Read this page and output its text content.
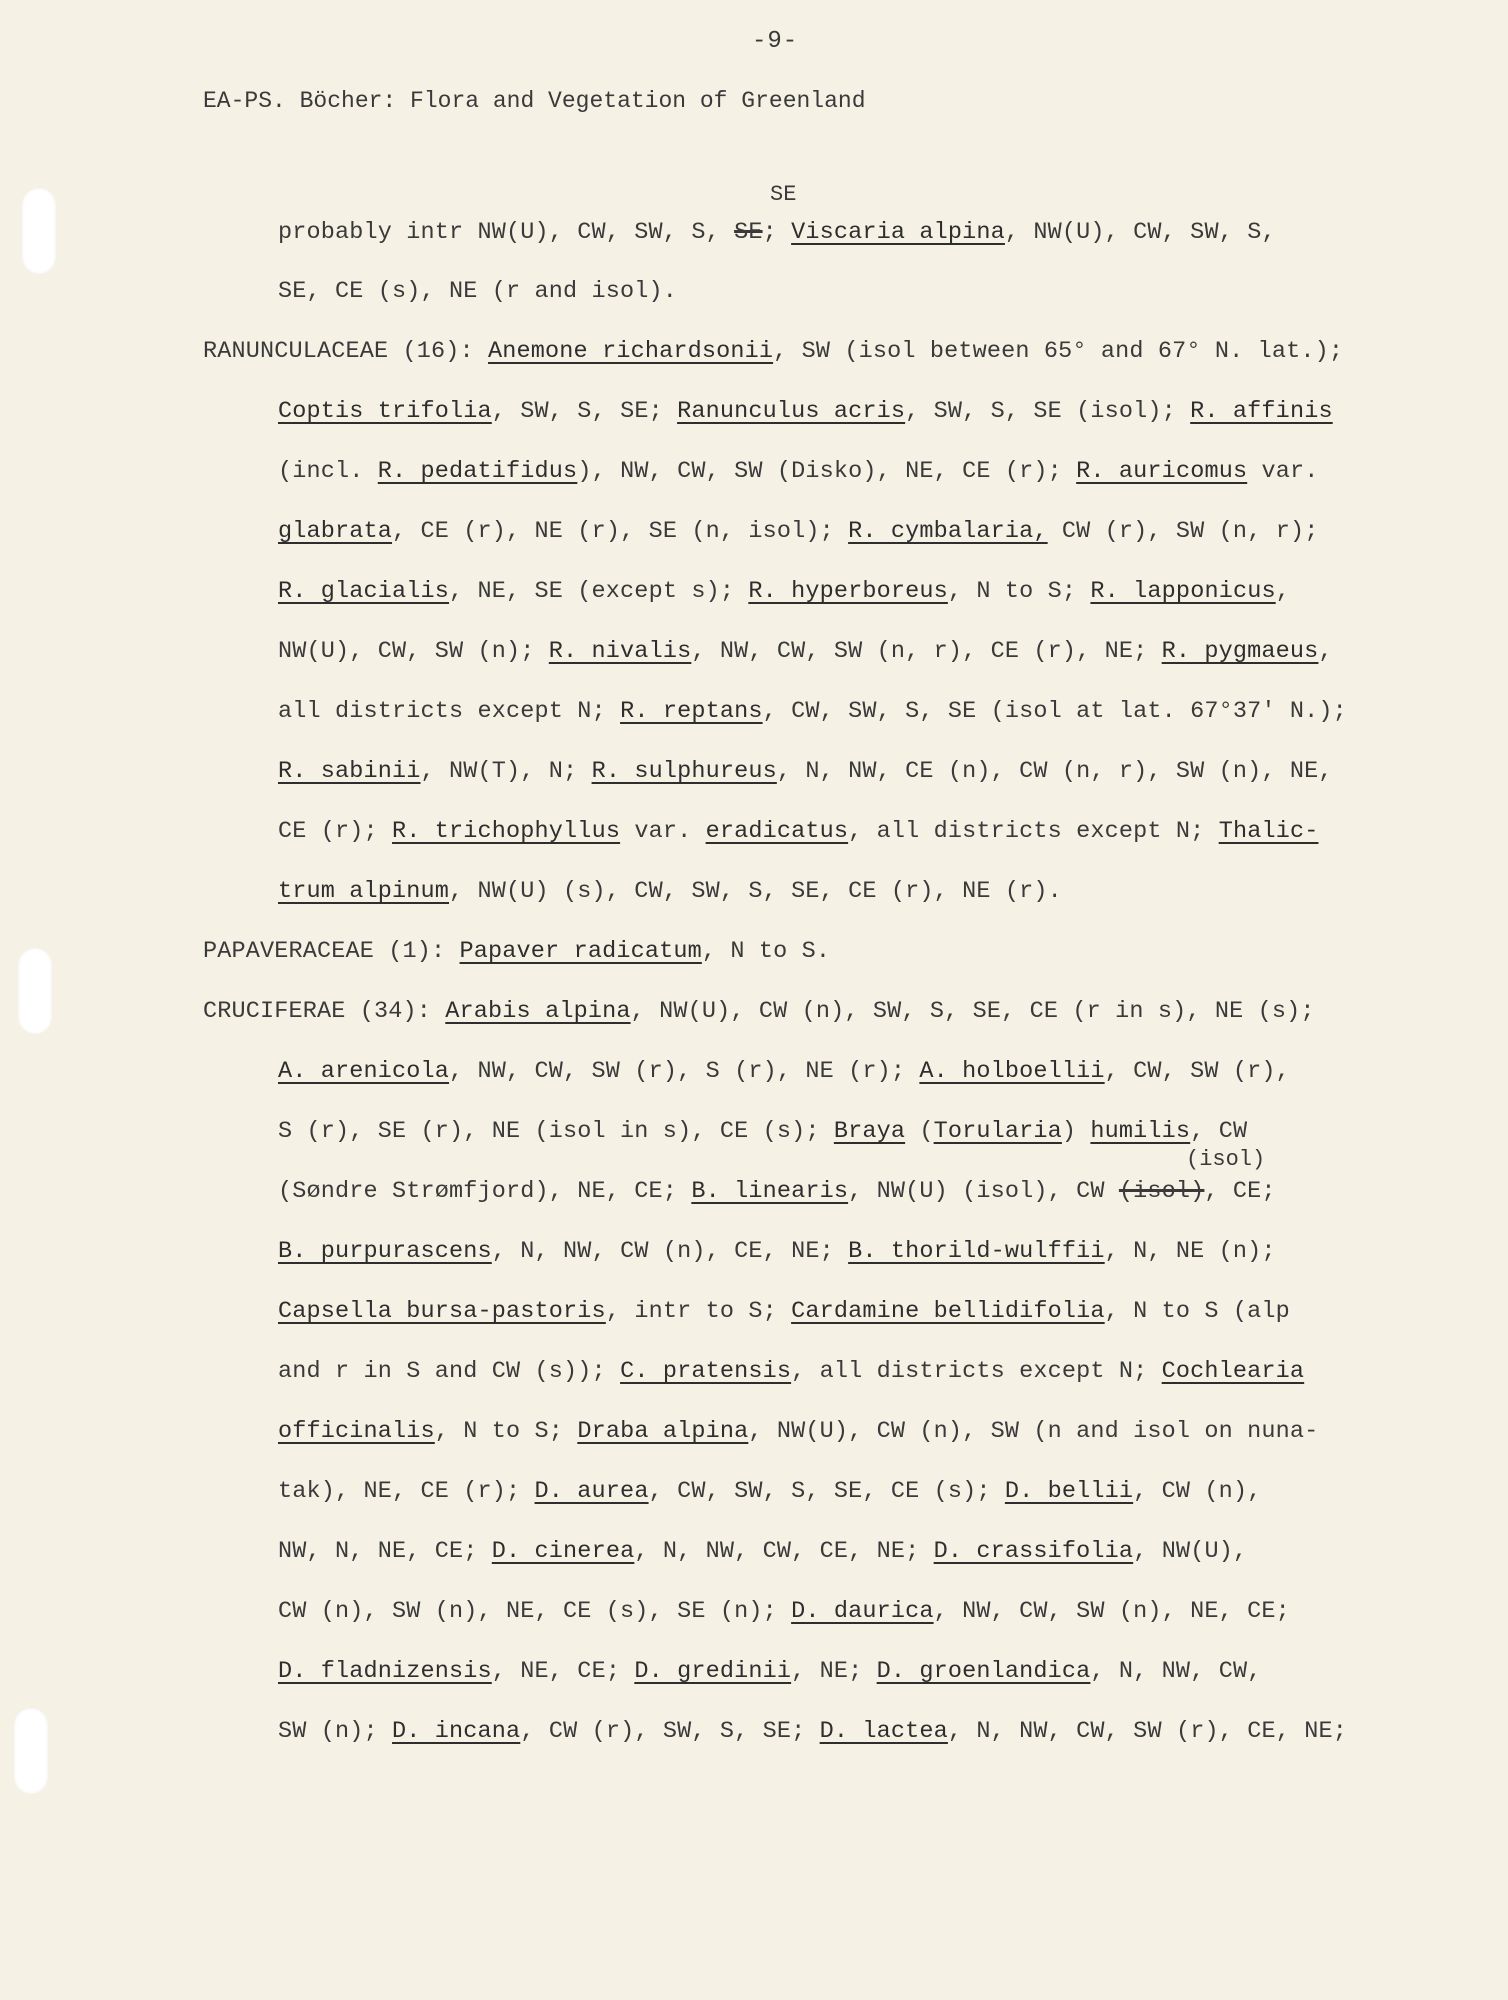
-9-
EA-PS. Böcher: Flora and Vegetation of Greenland
probably intr NW(U), CW, SW, S, SE; Viscaria alpina, NW(U), CW, SW, S,
SE, CE (s), NE (r and isol).
RANUNCULACEAE (16): Anemone richardsonii, SW (isol between 65° and 67° N. lat.);
Coptis trifolia, SW, S, SE; Ranunculus acris, SW, S, SE (isol); R. affinis
(incl. R. pedatifidus), NW, CW, SW (Disko), NE, CE (r); R. auricomus var.
glabrata, CE (r), NE (r), SE (n, isol); R. cymbalaria, CW (r), SW (n, r);
R. glacialis, NE, SE (except s); R. hyperboreus, N to S; R. lapponicus,
NW(U), CW, SW (n); R. nivalis, NW, CW, SW (n, r), CE (r), NE; R. pygmaeus,
all districts except N; R. reptans, CW, SW, S, SE (isol at lat. 67°37' N.);
R. sabinii, NW(T), N; R. sulphureus, N, NW, CE (n), CW (n, r), SW (n), NE,
CE (r); R. trichophyllus var. eradicatus, all districts except N; Thalic-
trum alpinum, NW(U) (s), CW, SW, S, SE, CE (r), NE (r).
PAPAVERACEAE (1): Papaver radicatum, N to S.
CRUCIFERAE (34): Arabis alpina, NW(U), CW (n), SW, S, SE, CE (r in s), NE (s);
A. arenicola, NW, CW, SW (r), S (r), NE (r); A. holboellii, CW, SW (r),
S (r), SE (r), NE (isol in s), CE (s); Braya (Torularia) humilis, CW
(Søndre Strømfjord), NE, CE; B. linearis, NW(U) (isol), CW (isol), CE;
B. purpurascens, N, NW, CW (n), CE, NE; B. thorild-wulffii, N, NE (n);
Capsella bursa-pastoris, intr to S; Cardamine bellidifolia, N to S (alp
and r in S and CW (s)); C. pratensis, all districts except N; Cochlearia
officinalis, N to S; Draba alpina, NW(U), CW (n), SW (n and isol on nuna-
tak), NE, CE (r); D. aurea, CW, SW, S, SE, CE (s); D. bellii, CW (n),
NW, N, NE, CE; D. cinerea, N, NW, CW, CE, NE; D. crassifolia, NW(U),
CW (n), SW (n), NE, CE (s), SE (n); D. daurica, NW, CW, SW (n), NE, CE;
D. fladnizensis, NE, CE; D. gredinii, NE; D. groenlandica, N, NW, CW,
SW (n); D. incana, CW (r), SW, S, SE; D. lactea, N, NW, CW, SW (r), CE, NE;
SE
(isol)
